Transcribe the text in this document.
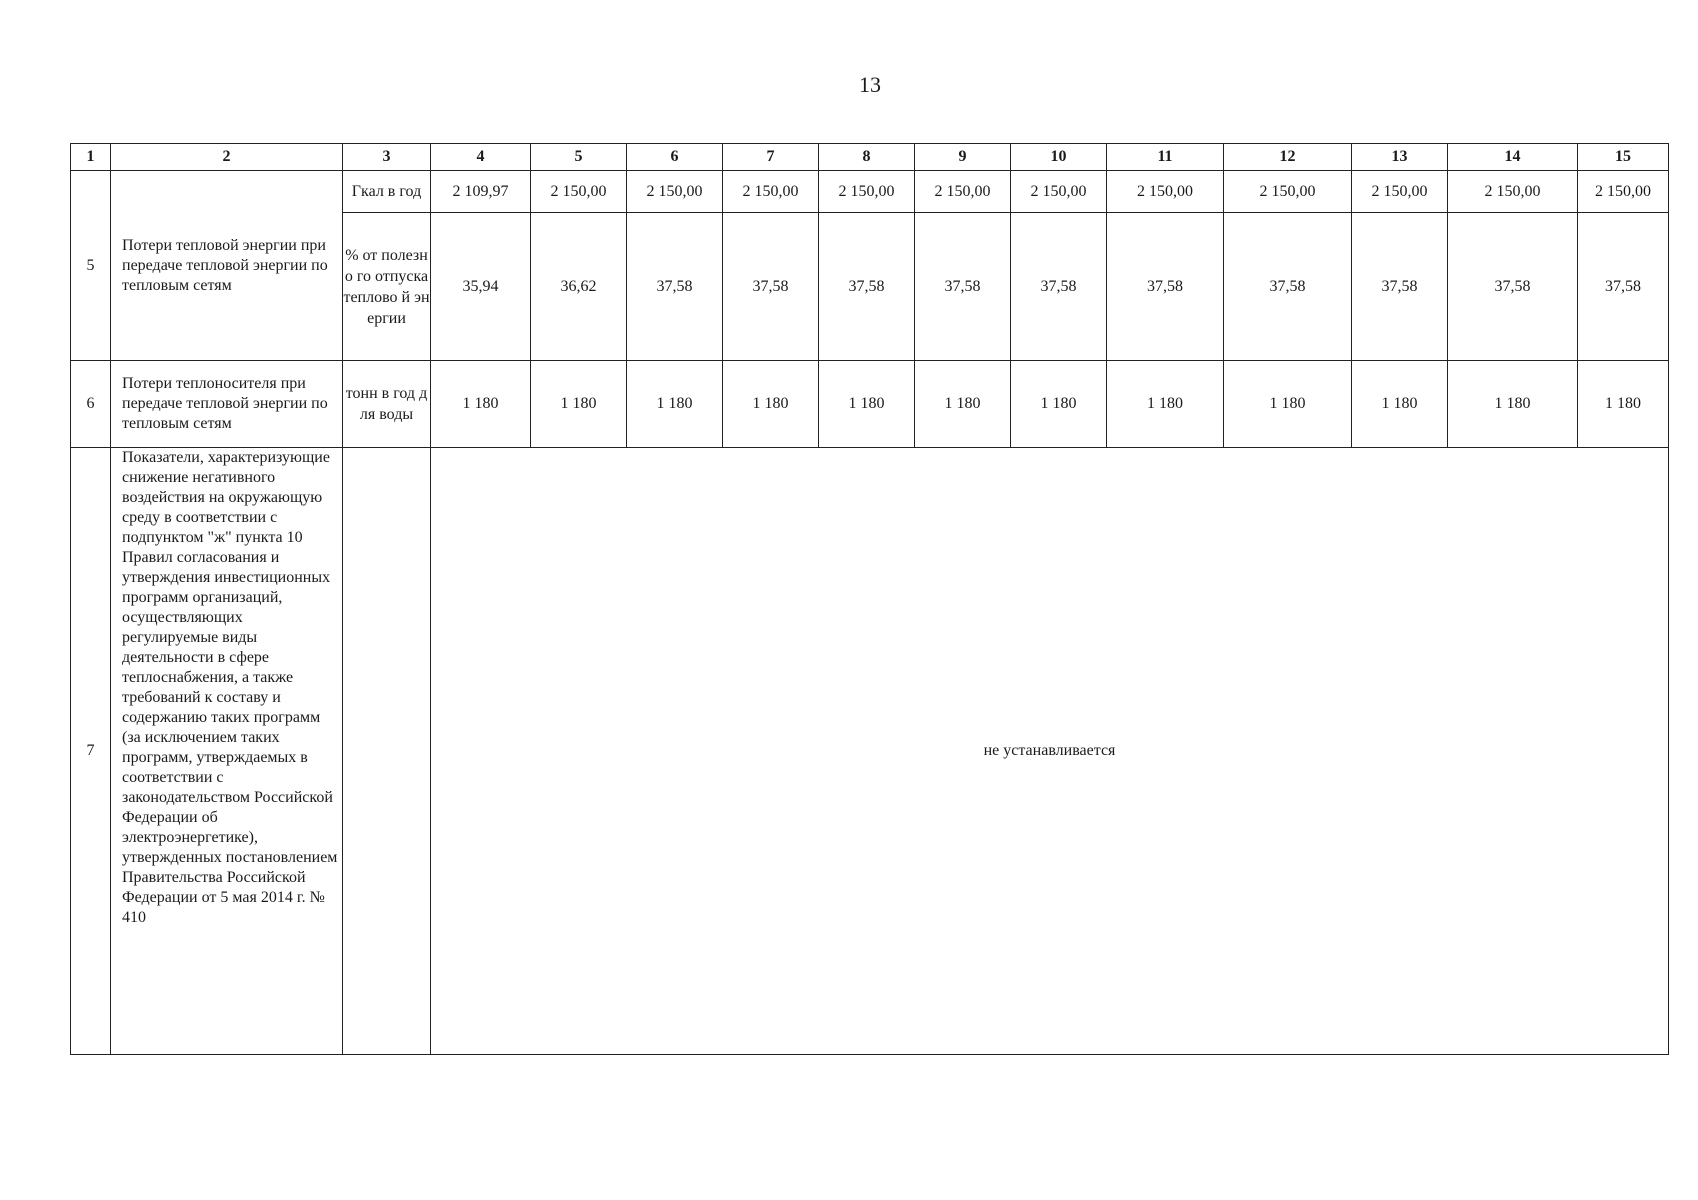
13
1	2	3	4	5	6	7	8	9	10	11	12	13	14	15
5	Потери тепловой энергии при передаче тепловой энергии по тепловым сетям	Гкал в год	2 109,97	2 150,00	2 150,00	2 150,00	2 150,00	2 150,00	2 150,00	2 150,00	2 150,00	2 150,00	2 150,00	2 150,00
		% от полезно го отпуска теплово й энергии	35,94	36,62	37,58	37,58	37,58	37,58	37,58	37,58	37,58	37,58	37,58	37,58
6	Потери теплоносителя при передаче тепловой энергии по тепловым сетям	тонн в год для воды	1 180	1 180	1 180	1 180	1 180	1 180	1 180	1 180	1 180	1 180	1 180	1 180
7	Показатели, характеризующие снижение негативного воздействия на окружающую среду в соответствии с подпунктом "ж" пункта 10 Правил согласования и утверждения инвестиционных программ организаций, осуществляющих регулируемые виды деятельности в сфере теплоснабжения, а также требований к составу и содержанию таких программ (за исключением таких программ, утверждаемых в соответствии с законодательством Российской Федерации об электроэнергетике), утвержденных постановлением Правительства Российской Федерации от 5 мая 2014 г. № 410		не устанавливается											
